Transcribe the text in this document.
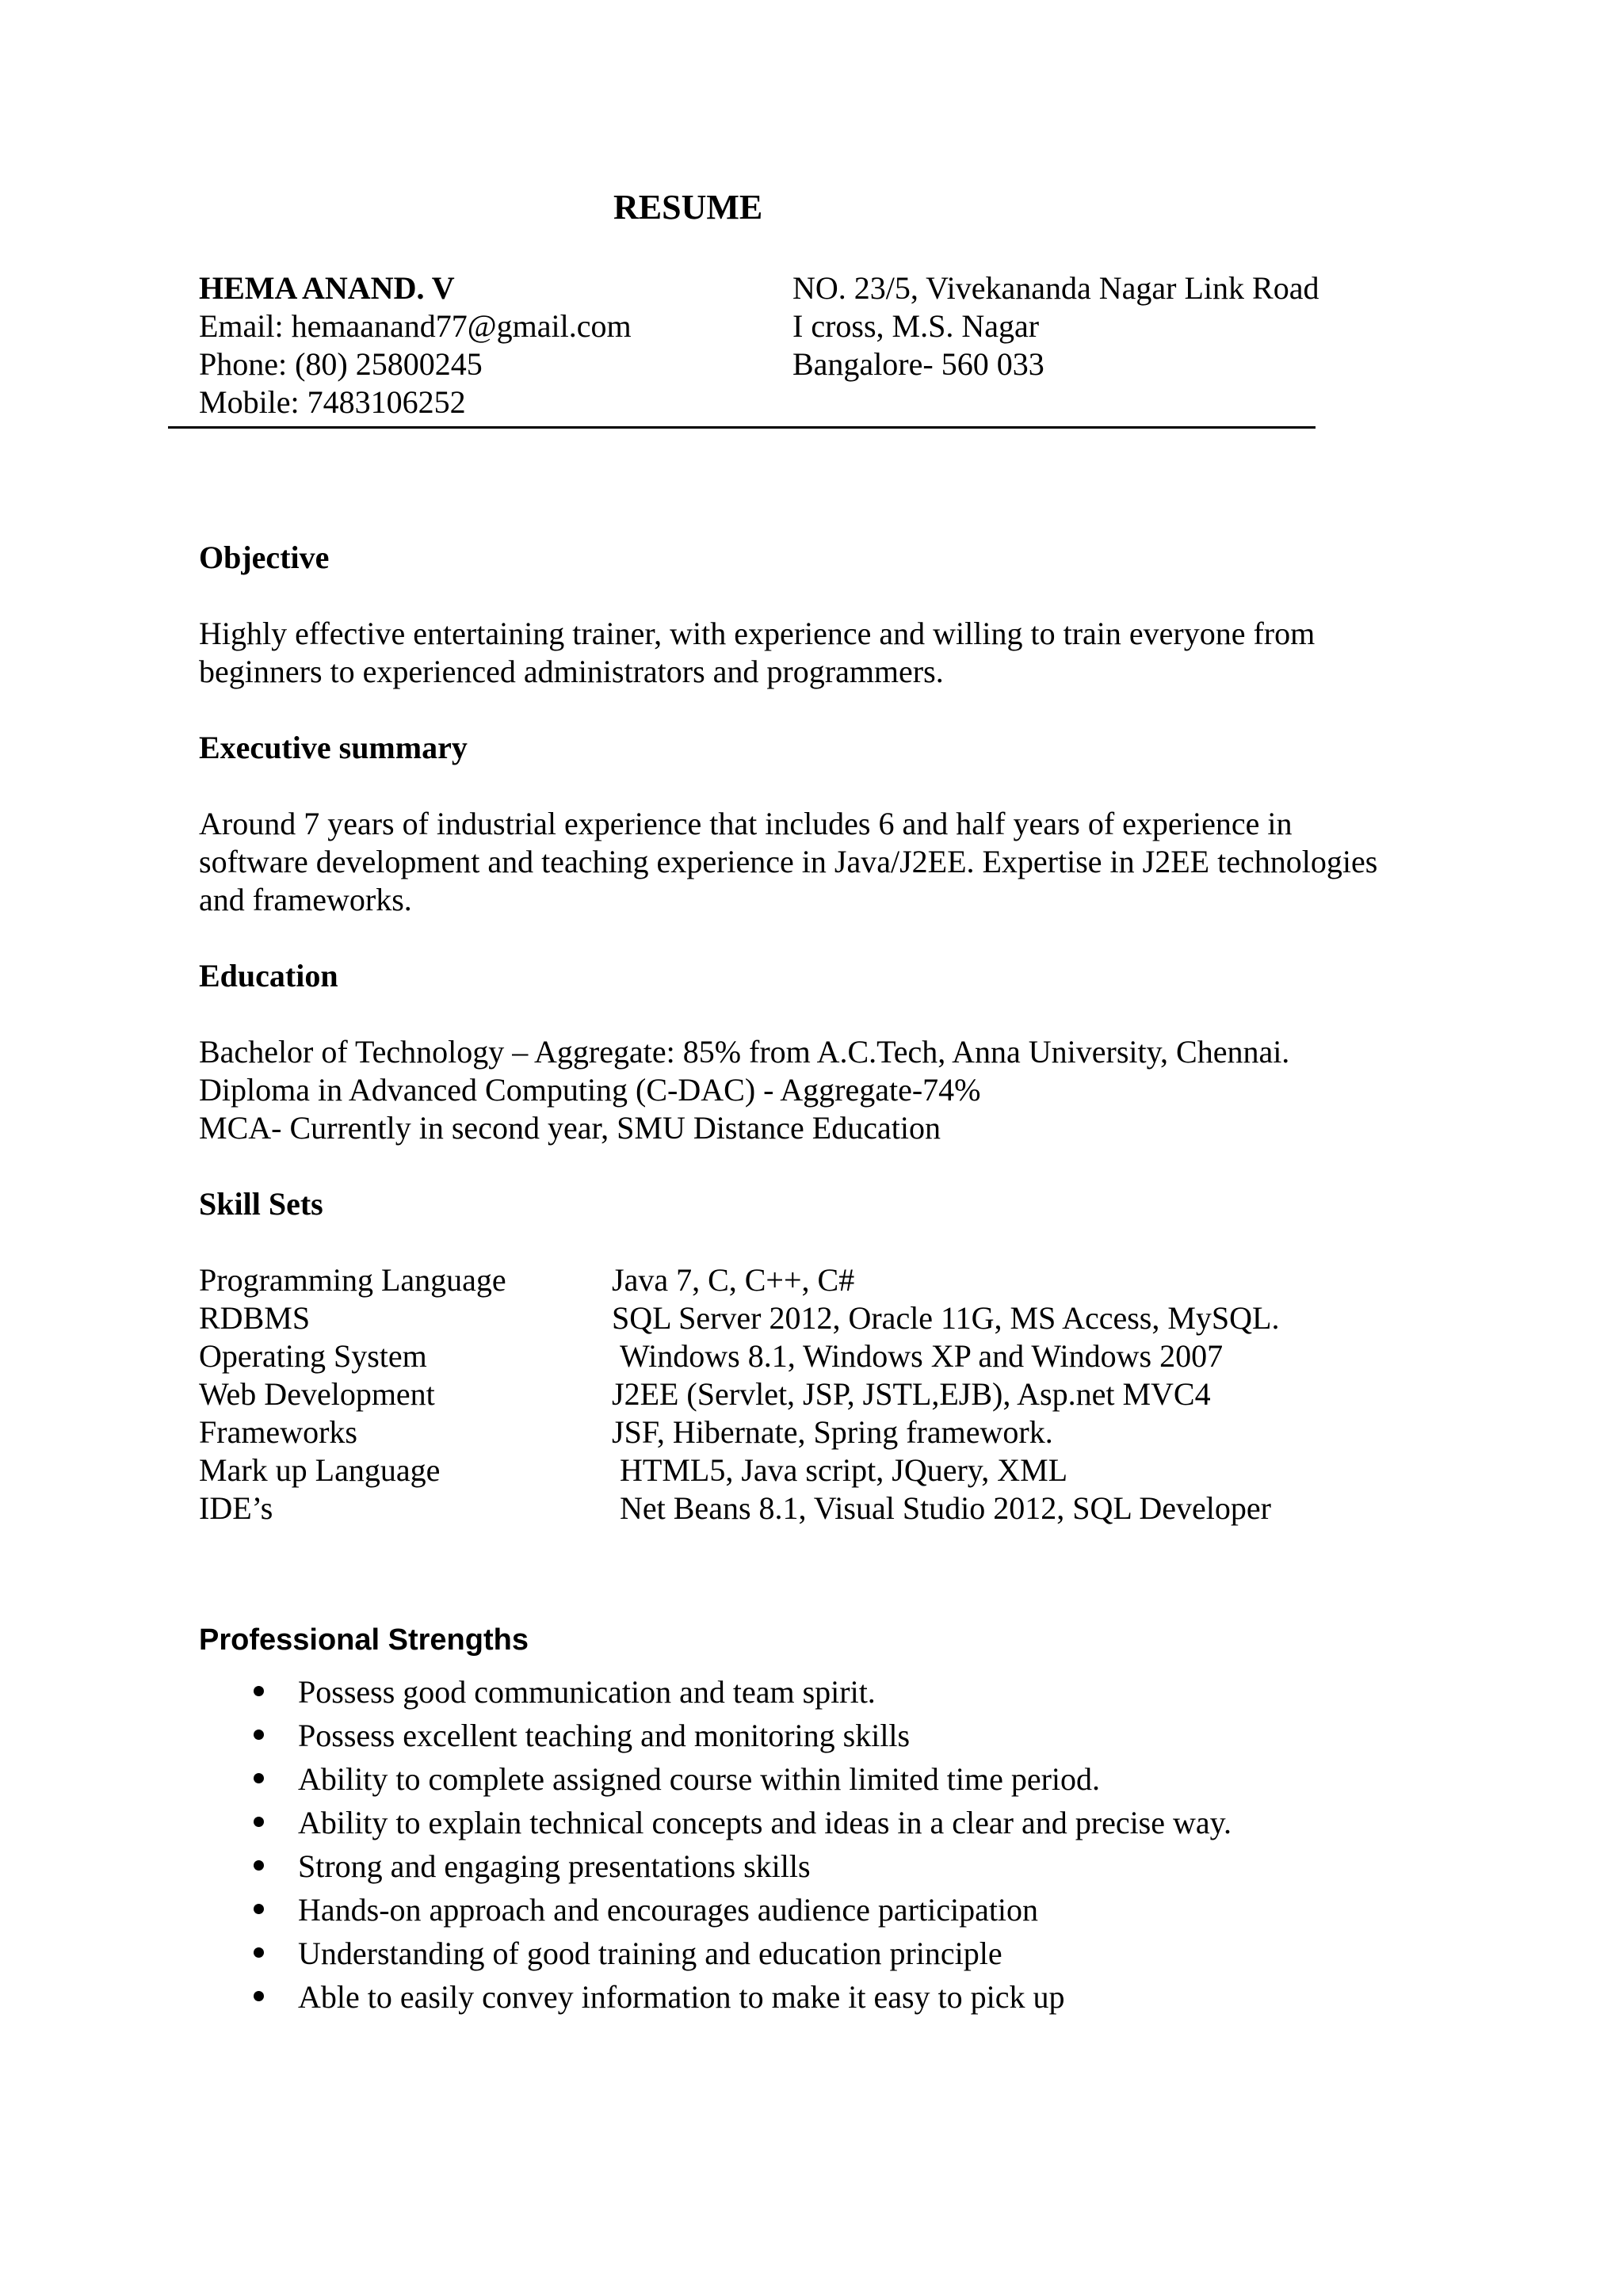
RESUME
HEMA ANAND. V
Email: hemaanand77@gmail.com
Phone: (80) 25800245
Mobile: 7483106252
NO. 23/5, Vivekananda Nagar Link Road
I cross, M.S. Nagar
Bangalore- 560 033
Objective
Highly effective entertaining trainer, with experience and willing to train everyone from
beginners to experienced administrators and programmers.
Executive summary
Around 7 years of industrial experience that includes 6 and half years of experience in
software development and teaching experience in Java/J2EE. Expertise in J2EE technologies
and frameworks.
Education
Bachelor of Technology – Aggregate: 85% from A.C.Tech, Anna University, Chennai.
Diploma in Advanced Computing (C-DAC) - Aggregate-74%
MCA- Currently in second year, SMU Distance Education
Skill Sets
Programming Language	Java 7, C, C++, C#
RDBMS	SQL Server 2012, Oracle 11G, MS Access, MySQL.
Operating System	Windows 8.1, Windows XP and Windows 2007
Web Development	J2EE (Servlet, JSP, JSTL,EJB), Asp.net MVC4
Frameworks	JSF, Hibernate, Spring framework.
Mark up Language	HTML5, Java script, JQuery, XML
IDE’s	Net Beans 8.1, Visual Studio 2012, SQL Developer
Professional Strengths
Possess good communication and team spirit.
Possess excellent teaching and monitoring skills
Ability to complete assigned course within limited time period.
Ability to explain technical concepts and ideas in a clear and precise way.
Strong and engaging presentations skills
Hands-on approach and encourages audience participation
Understanding of good training and education principle
Able to easily convey information to make it easy to pick up
